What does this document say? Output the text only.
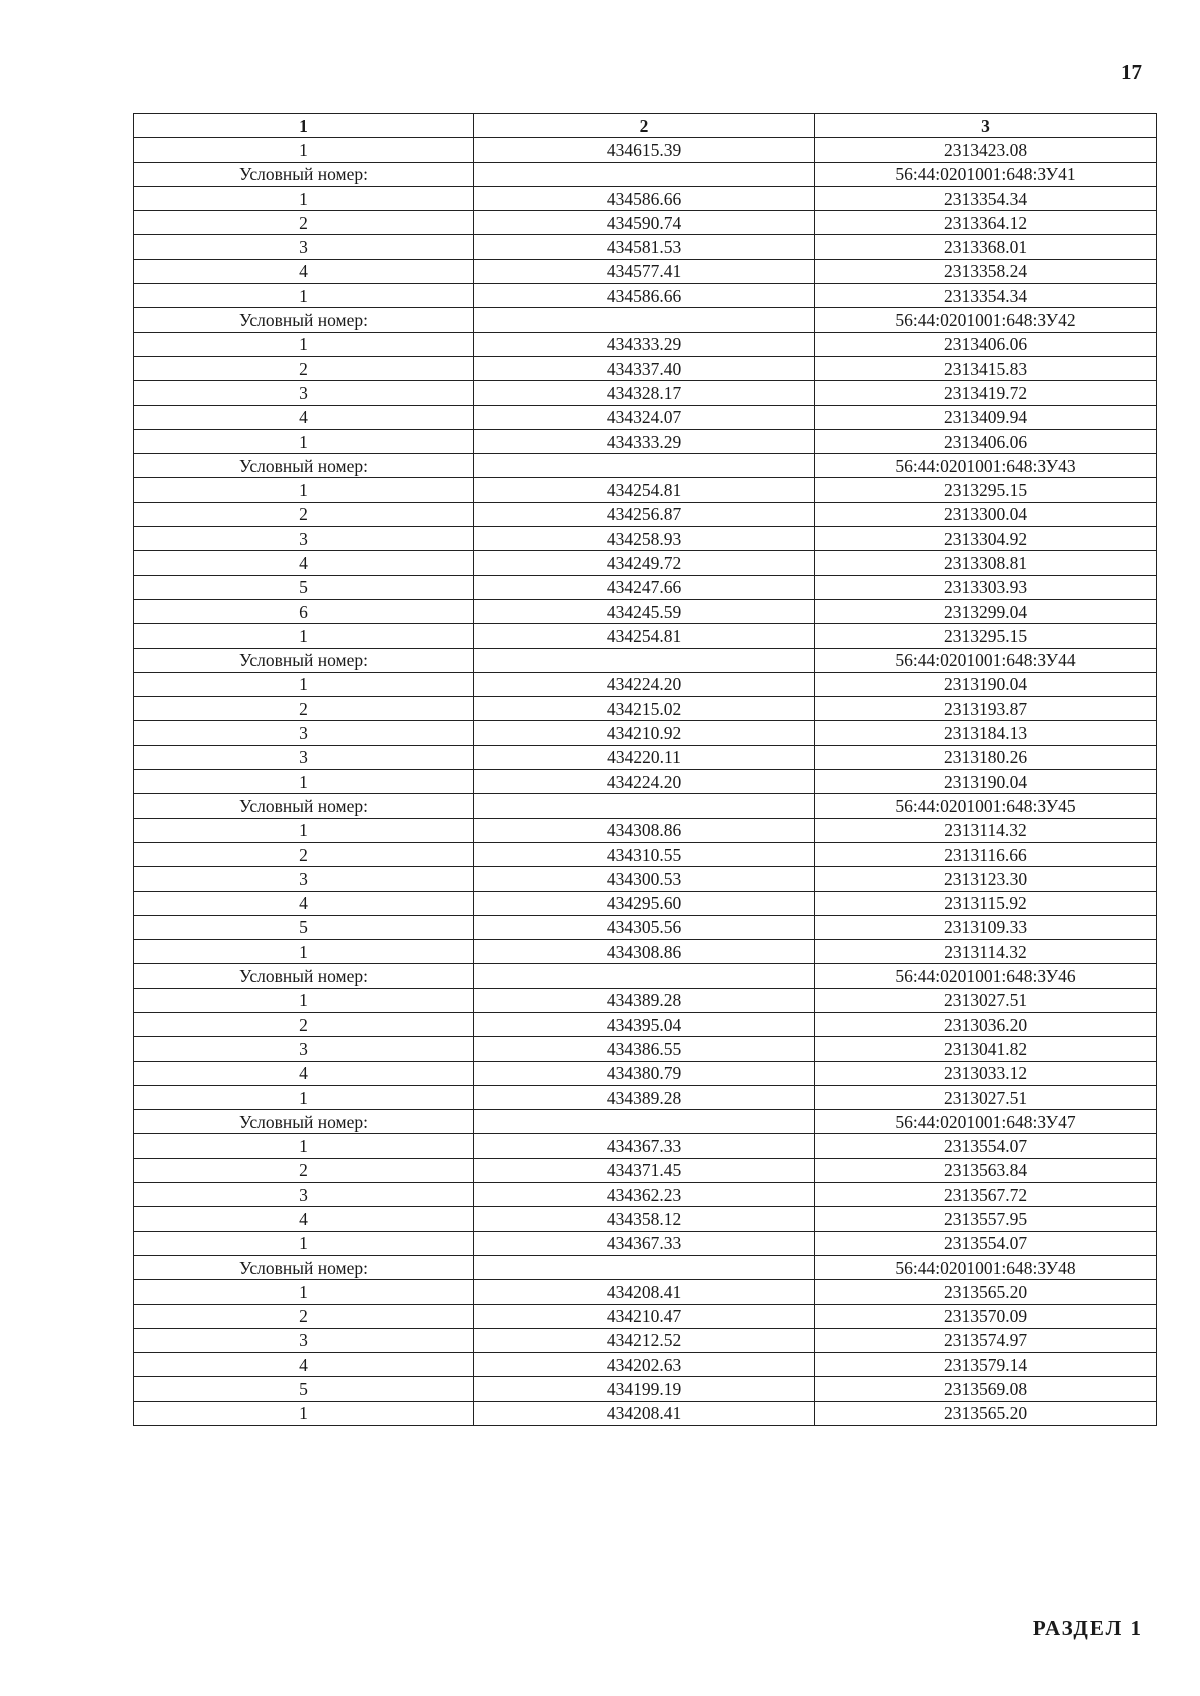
17
1	2	3
1	434615.39	2313423.08
Условный номер:		56:44:0201001:648:ЗУ41
1	434586.66	2313354.34
2	434590.74	2313364.12
3	434581.53	2313368.01
4	434577.41	2313358.24
1	434586.66	2313354.34
Условный номер:		56:44:0201001:648:ЗУ42
1	434333.29	2313406.06
2	434337.40	2313415.83
3	434328.17	2313419.72
4	434324.07	2313409.94
1	434333.29	2313406.06
Условный номер:		56:44:0201001:648:ЗУ43
1	434254.81	2313295.15
2	434256.87	2313300.04
3	434258.93	2313304.92
4	434249.72	2313308.81
5	434247.66	2313303.93
6	434245.59	2313299.04
1	434254.81	2313295.15
Условный номер:		56:44:0201001:648:ЗУ44
1	434224.20	2313190.04
2	434215.02	2313193.87
3	434210.92	2313184.13
3	434220.11	2313180.26
1	434224.20	2313190.04
Условный номер:		56:44:0201001:648:ЗУ45
1	434308.86	2313114.32
2	434310.55	2313116.66
3	434300.53	2313123.30
4	434295.60	2313115.92
5	434305.56	2313109.33
1	434308.86	2313114.32
Условный номер:		56:44:0201001:648:ЗУ46
1	434389.28	2313027.51
2	434395.04	2313036.20
3	434386.55	2313041.82
4	434380.79	2313033.12
1	434389.28	2313027.51
Условный номер:		56:44:0201001:648:ЗУ47
1	434367.33	2313554.07
2	434371.45	2313563.84
3	434362.23	2313567.72
4	434358.12	2313557.95
1	434367.33	2313554.07
Условный номер:		56:44:0201001:648:ЗУ48
1	434208.41	2313565.20
2	434210.47	2313570.09
3	434212.52	2313574.97
4	434202.63	2313579.14
5	434199.19	2313569.08
1	434208.41	2313565.20
РАЗДЕЛ 1
